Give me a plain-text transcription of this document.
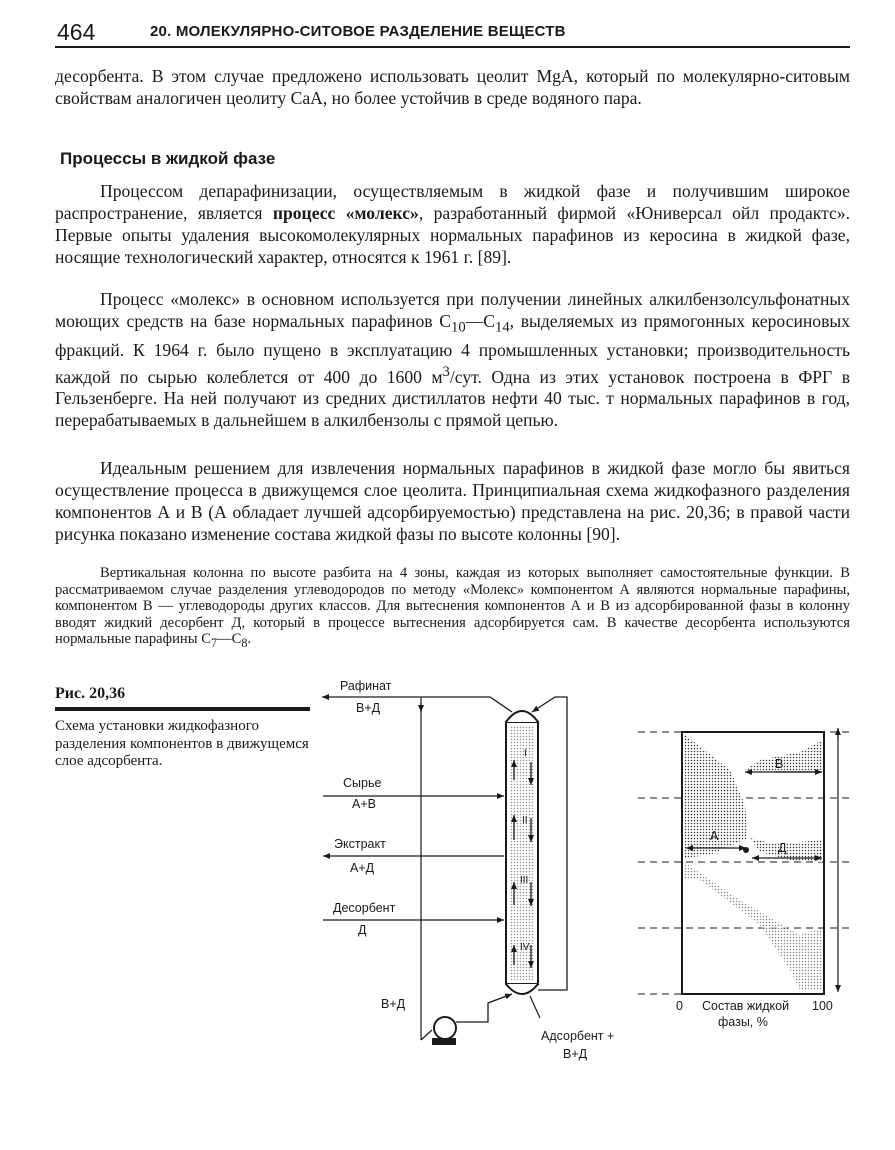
464	20. МОЛЕКУЛЯРНО-СИТОВОЕ РАЗДЕЛЕНИЕ ВЕЩЕСТВ

десорбента. В этом случае предложено использовать цеолит MgA, который по молекулярно-ситовым свойствам аналогичен цеолиту CaA, но более устойчив в среде водяного пара.

Процессы в жидкой фазе

Процессом депарафинизации, осуществляемым в жидкой фазе и получившим широкое распространение, является процесс «молекс», разработанный фирмой «Юниверсал ойл продактс». Первые опыты удаления высокомолекулярных нормальных парафинов из керосина в жидкой фазе, носящие технологический характер, относятся к 1961 г. [89].

Процесс «молекс» в основном используется при получении линейных алкилбензолсульфонатных моющих средств на базе нормальных парафинов $C_{10}—C_{14}$, выделяемых из прямогонных керосиновых фракций. К 1964 г. было пущено в эксплуатацию 4 промышленных установки; производительность каждой по сырью колеблется от 400 до 1600 $м^3$/сут. Одна из этих установок построена в ФРГ в Гельзенберге. На ней получают из средних дистиллатов нефти 40 тыс. т нормальных парафинов в год, перерабатываемых в дальнейшем в алкилбензолы с прямой цепью.

Идеальным решением для извлечения нормальных парафинов в жидкой фазе могло бы явиться осуществление процесса в движущемся слое цеолита. Принципиальная схема жидкофазного разделения компонентов А и В (А обладает лучшей адсорбируемостью) представлена на рис. 20,36; в правой части рисунка показано изменение состава жидкой фазы по высоте колонны [90].

Вертикальная колонна по высоте разбита на 4 зоны, каждая из которых выполняет самостоятельные функции. В рассматриваемом случае разделения углеводородов по методу «Молекс» компонентом А являются нормальные парафины, компонентом В — углеводороды других классов. Для вытеснения компонентов А и В из адсорбированной фазы в колонну вводят жидкий десорбент Д, который в процессе вытеснения адсорбируется сам. В качестве десорбента используются нормальные парафины $C_7—C_8$.

Рис. 20,36

Схема установки жидкофазного разделения компонентов в движущемся слое адсорбента.	I
II
III
IV
Рафинат
В+Д
Сырье
А+В
Экстракт
А+Д
Десорбент
Д
В+Д
Адсорбент +
В+Д
В
А
Д
0	100
Состав жидкой
фазы, %
